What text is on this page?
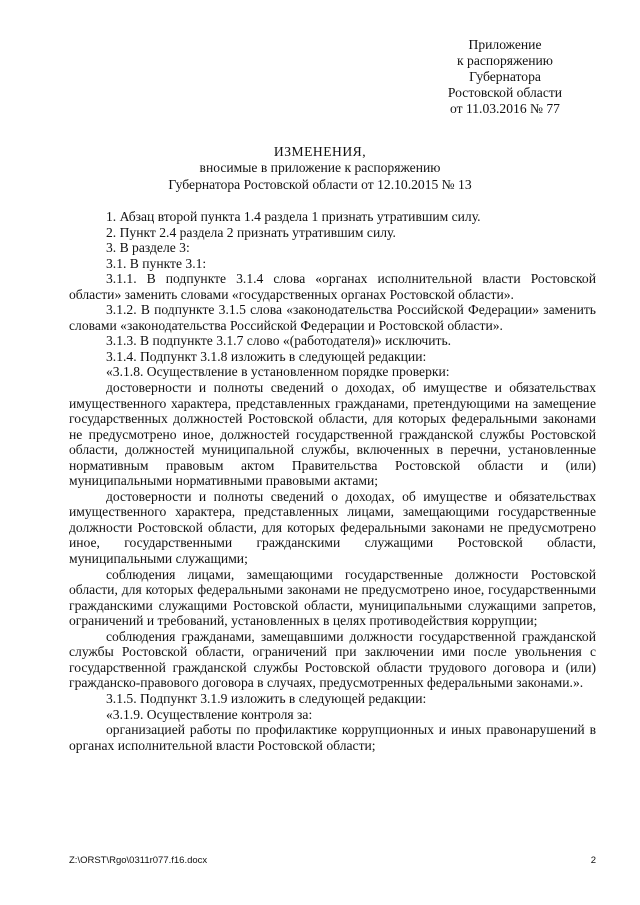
Приложение
к распоряжению
Губернатора
Ростовской области
от 11.03.2016 № 77
ИЗМЕНЕНИЯ,
вносимые в приложение к распоряжению
Губернатора Ростовской области от 12.10.2015 № 13

1. Абзац второй пункта 1.4 раздела 1 признать утратившим силу.

2. Пункт 2.4 раздела 2 признать утратившим силу.

3. В разделе 3:

3.1. В пункте 3.1:

3.1.1. В подпункте 3.1.4 слова «органах исполнительной власти Ростовской области» заменить словами «государственных органах Ростовской области».

3.1.2. В подпункте 3.1.5 слова «законодательства Российской Федерации» заменить словами «законодательства Российской Федерации и Ростовской области».

3.1.3. В подпункте 3.1.7 слово «(работодателя)» исключить.

3.1.4. Подпункт 3.1.8 изложить в следующей редакции:

«3.1.8. Осуществление в установленном порядке проверки:

достоверности и полноты сведений о доходах, об имуществе и обязательствах имущественного характера, представленных гражданами, претендующими на замещение государственных должностей Ростовской области, для которых федеральными законами не предусмотрено иное, должностей государственной гражданской службы Ростовской области, должностей муниципальной службы, включенных в перечни, установленные нормативным правовым актом Правительства Ростовской области и (или) муниципальными нормативными правовыми актами;

достоверности и полноты сведений о доходах, об имуществе и обязательствах имущественного характера, представленных лицами, замещающими государственные должности Ростовской области, для которых федеральными законами не предусмотрено иное, государственными гражданскими служащими Ростовской области, муниципальными служащими;

соблюдения лицами, замещающими государственные должности Ростовской области, для которых федеральными законами не предусмотрено иное, государственными гражданскими служащими Ростовской области, муниципальными служащими запретов, ограничений и требований, установленных в целях противодействия коррупции;

соблюдения гражданами, замещавшими должности государственной гражданской службы Ростовской области, ограничений при заключении ими после увольнения с государственной гражданской службы Ростовской области трудового договора и (или) гражданско-правового договора в случаях, предусмотренных федеральными законами.».

3.1.5. Подпункт 3.1.9 изложить в следующей редакции:

«3.1.9. Осуществление контроля за:

организацией работы по профилактике коррупционных и иных правонарушений в органах исполнительной власти Ростовской области;

Z:\ORST\Rgo\0311r077.f16.docx	2
